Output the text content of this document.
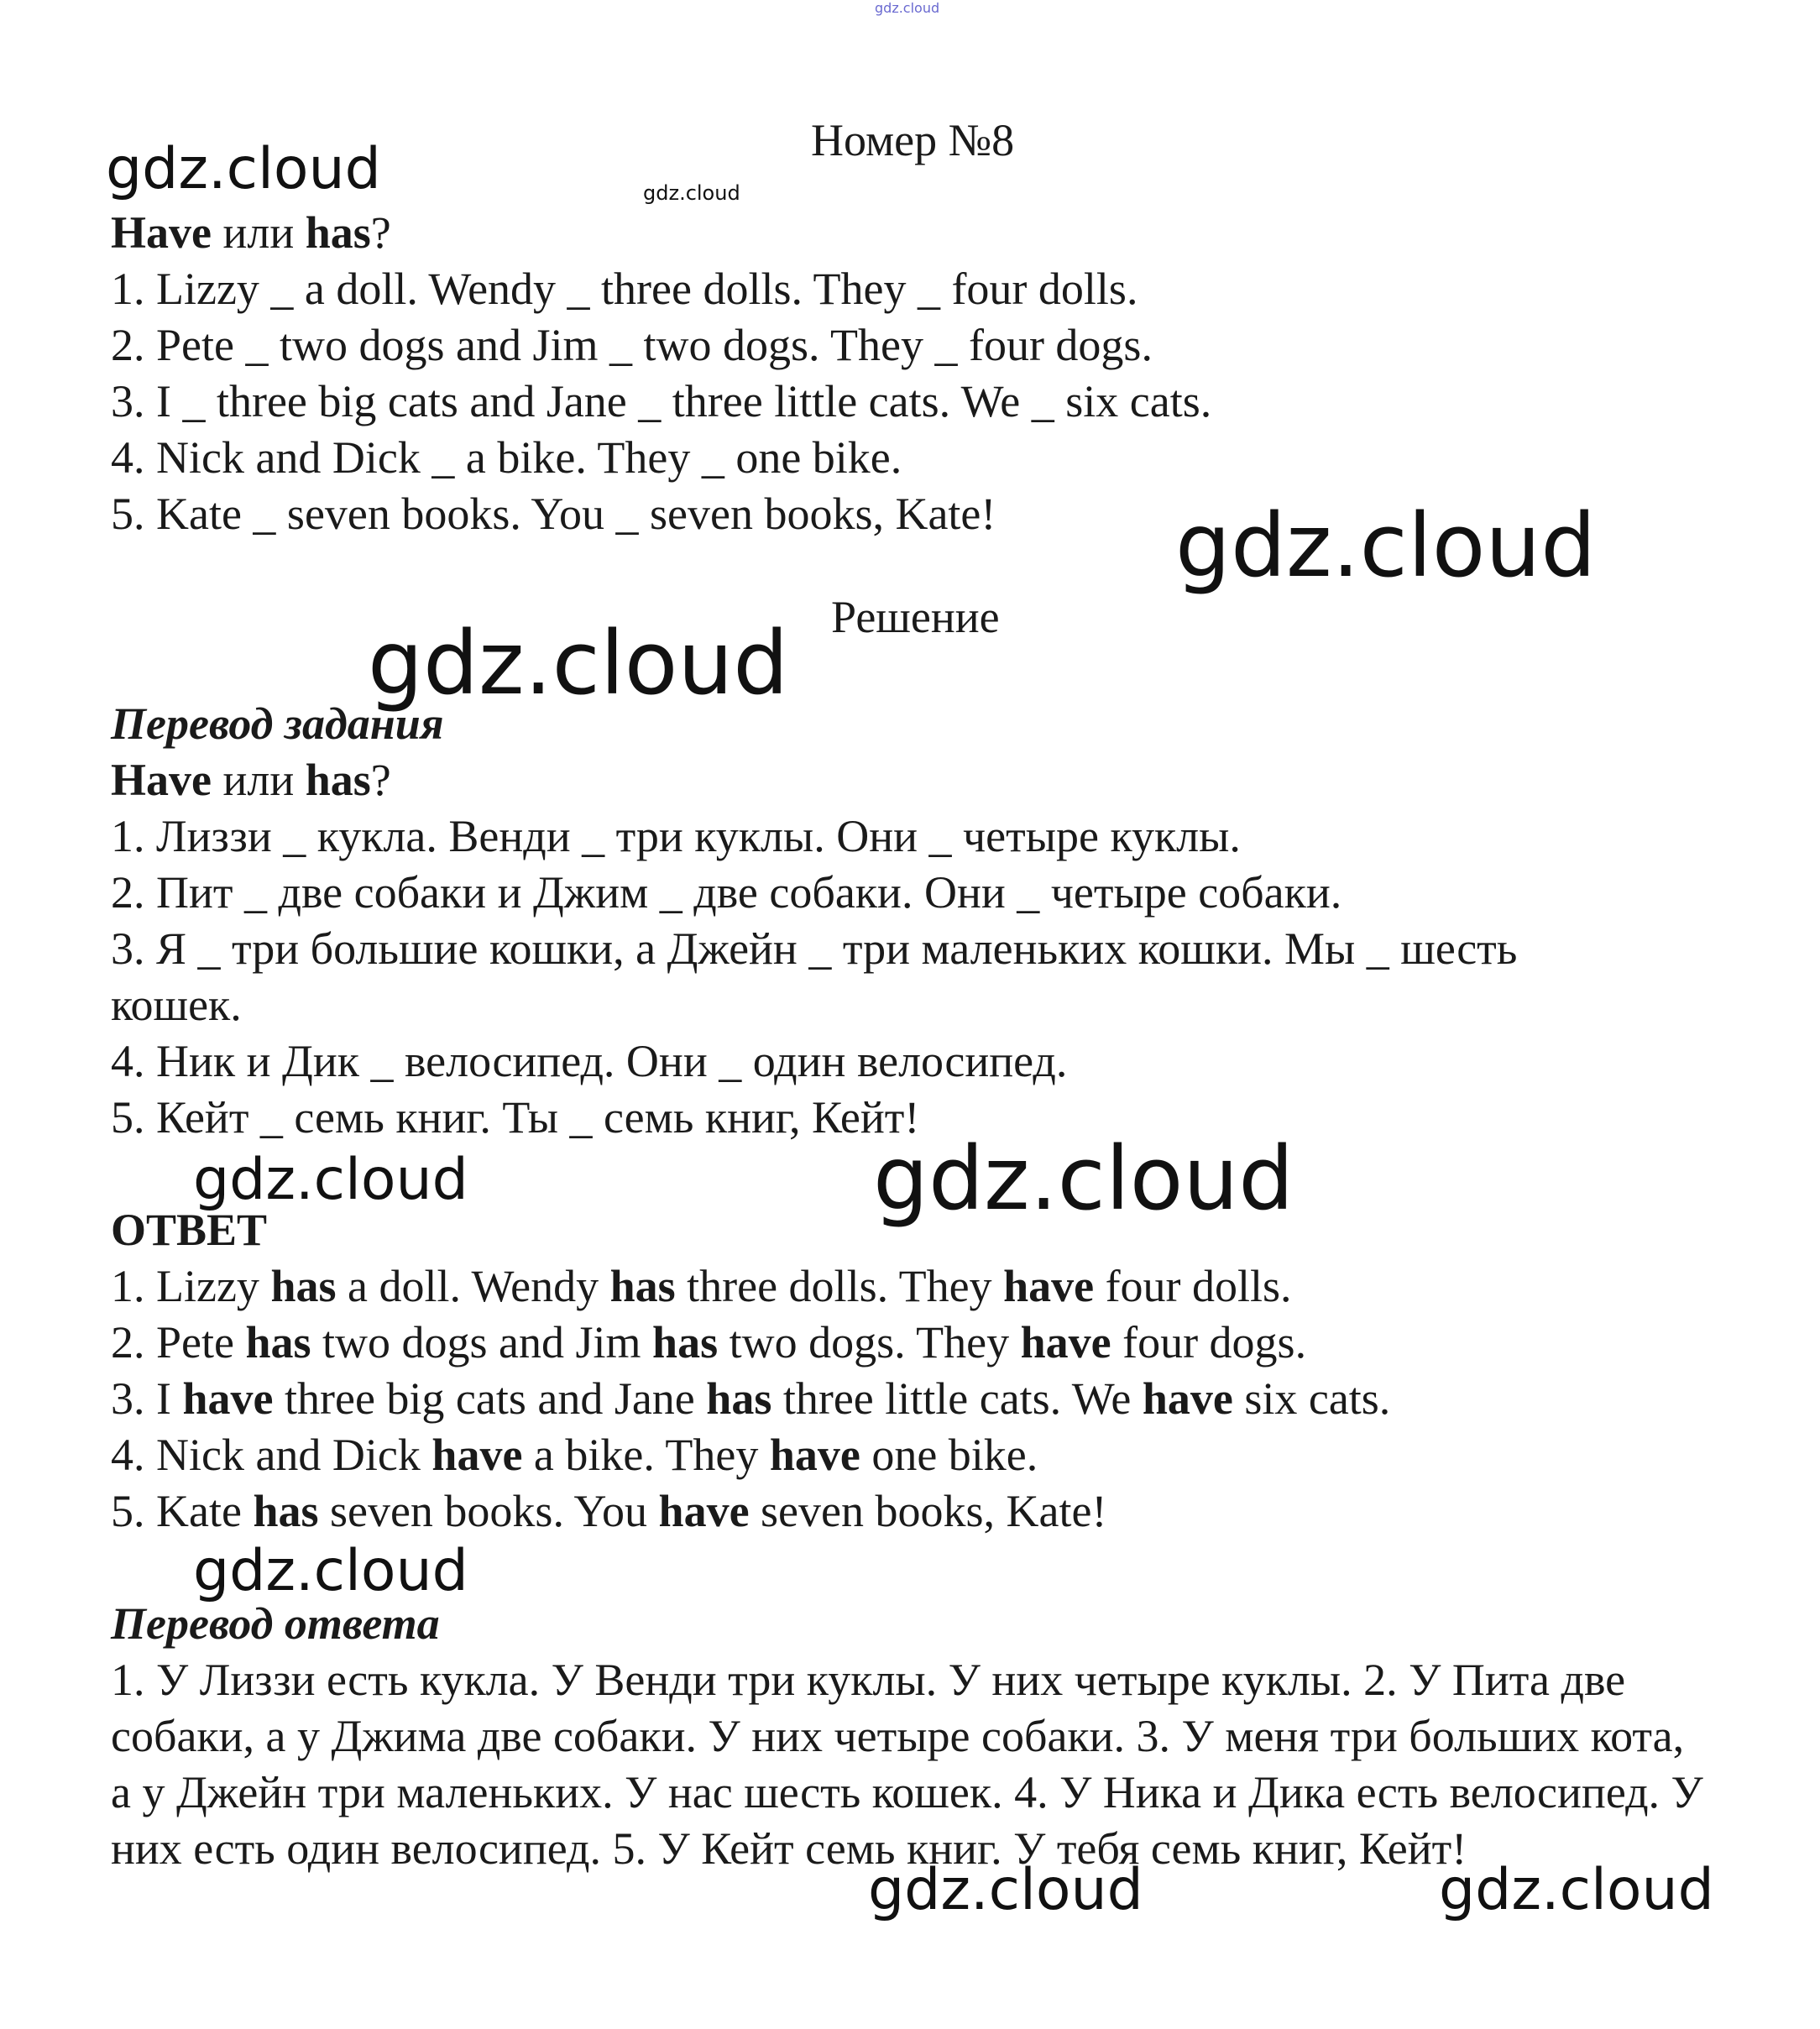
gdz.cloud
gdz.cloud	gdz.cloud
gdz.cloud
gdz.cloud
gdz.cloud	gdz.cloud
gdz.cloud
gdz.cloud	gdz.cloud

Номер №8

Have или has?

1. Lizzy _ a doll. Wendy _ three dolls. They _ four dolls.

2. Pete _ two dogs and Jim _ two dogs. They _ four dogs.

3. I _ three big cats and Jane _ three little cats. We _ six cats.

4. Nick and Dick _ a bike. They _ one bike.

5. Kate _ seven books. You _ seven books, Kate!

Решение

Перевод задания

Have или has?

1. Лиззи _ кукла. Венди _ три куклы. Они _ четыре куклы.

2. Пит _ две собаки и Джим _ две собаки. Они _ четыре собаки.

3. Я _ три большие кошки, а Джейн _ три маленьких кошки. Мы _ шесть

кошек.

4. Ник и Дик _ велосипед. Они _ один велосипед.

5. Кейт _ семь книг. Ты _ семь книг, Кейт!

ОТВЕТ

1. Lizzy has a doll. Wendy has three dolls. They have four dolls.

2. Pete has two dogs and Jim has two dogs. They have four dogs.

3. I have three big cats and Jane has three little cats. We have six cats.

4. Nick and Dick have a bike. They have one bike.

5. Kate has seven books. You have seven books, Kate!

Перевод ответа

1. У Лиззи есть кукла. У Венди три куклы. У них четыре куклы. 2. У Пита две собаки, а у Джима две собаки. У них четыре собаки. 3. У меня три больших кота, а у Джейн три маленьких. У нас шесть кошек. 4. У Ника и Дика есть велосипед. У них есть один велосипед. 5. У Кейт семь книг. У тебя семь книг, Кейт!
